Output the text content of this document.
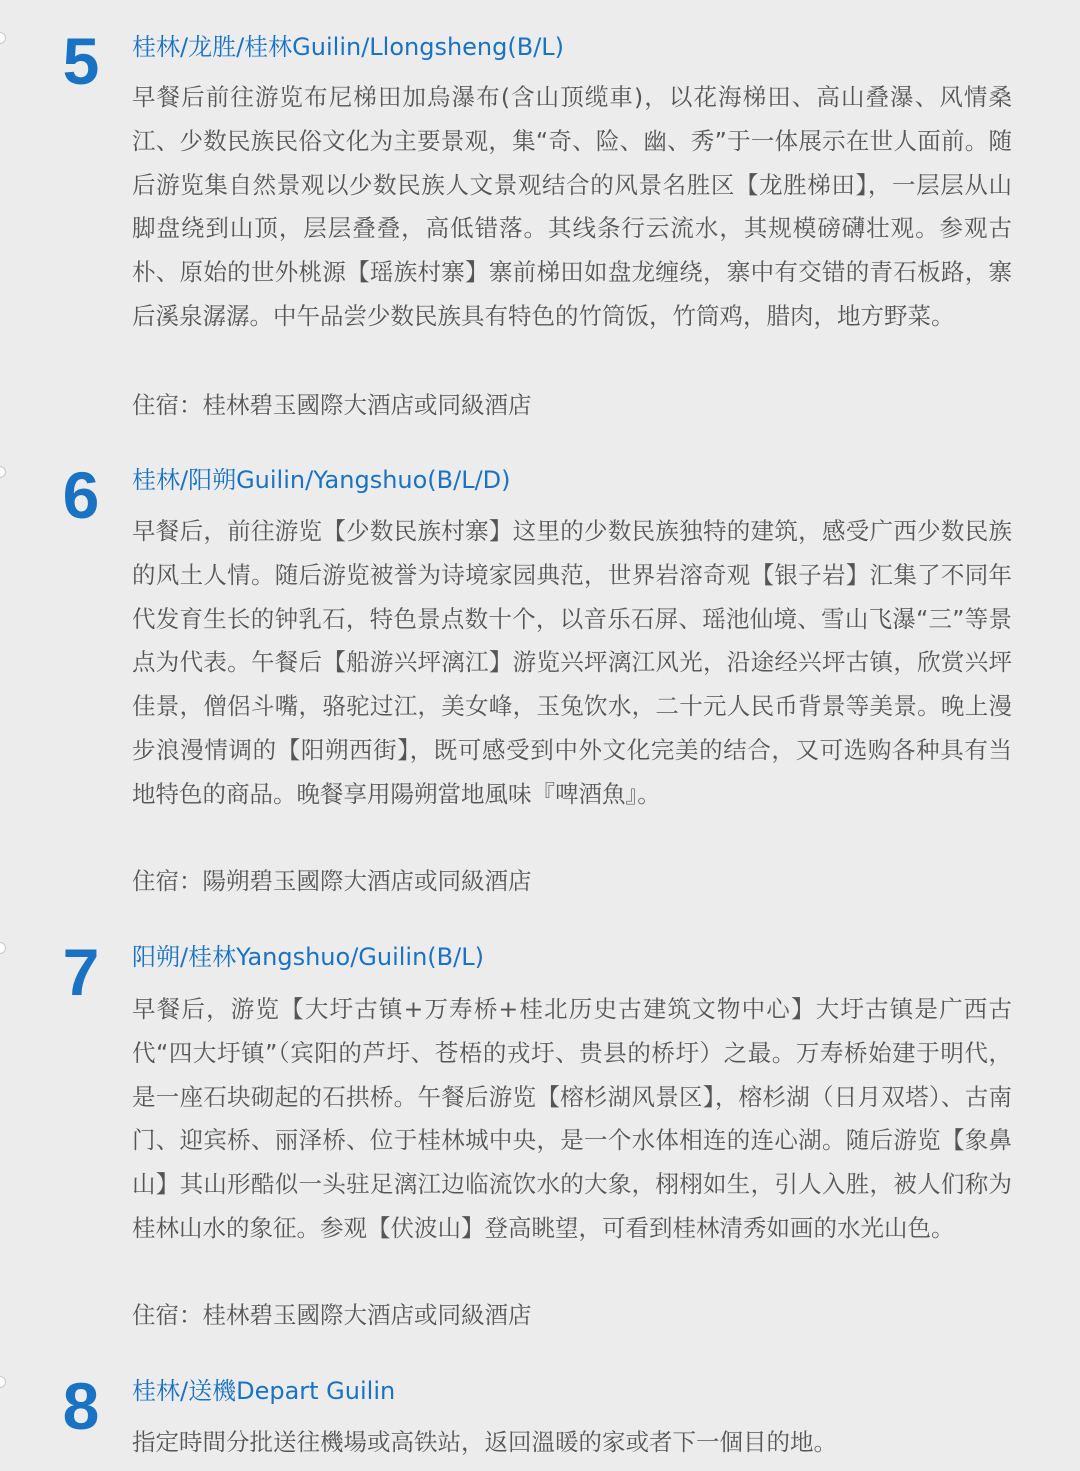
5 桂林/龙胜/桂林Guilin/Llongsheng(B/L)

早餐后前往游览布尼梯田加烏瀑布(含山顶缆車)，以花海梯田、高山叠瀑、风情桑江、少数民族民俗文化为主要景观，集“奇、险、幽、秀”于一体展示在世人面前。随后游览集自然景观以少数民族人文景观结合的风景名胜区【龙胜梯田】，一层层从山脚盘绕到山顶，层层叠叠，高低错落。其线条行云流水，其规模磅礴壮观。参观古朴、原始的世外桃源【瑶族村寨】寨前梯田如盘龙缠绕，寨中有交错的青石板路，寨后溪泉潺潺。中午品尝少数民族具有特色的竹筒饭，竹筒鸡，腊肉，地方野菜。

住宿：桂林碧玉國際大酒店或同級酒店
6 桂林/阳朔Guilin/Yangshuo(B/L/D)

早餐后，前往游览【少数民族村寨】这里的少数民族独特的建筑，感受广西少数民族的风土人情。随后游览被誉为诗境家园典范，世界岩溶奇观【银子岩】汇集了不同年代发育生长的钟乳石，特色景点数十个，以音乐石屏、瑶池仙境、雪山飞瀑“三”等景点为代表。午餐后【船游兴坪漓江】游览兴坪漓江风光，沿途经兴坪古镇，欣赏兴坪佳景，僧侶斗嘴，骆驼过江，美女峰，玉兔饮水，二十元人民币背景等美景。晚上漫步浪漫情调的【阳朔西街】，既可感受到中外文化完美的结合，又可选购各种具有当地特色的商品。晚餐享用陽朔當地風味『啤酒魚』。

住宿：陽朔碧玉國際大酒店或同級酒店
7 阳朔/桂林Yangshuo/Guilin(B/L)

早餐后，游览【大圩古镇+万寿桥+桂北历史古建筑文物中心】大圩古镇是广西古代“四大圩镇”（宾阳的芦圩、苍梧的戎圩、贵县的桥圩）之最。万寿桥始建于明代，是一座石块砌起的石拱桥。午餐后游览【榕杉湖风景区】，榕杉湖（日月双塔）、古南门、迎宾桥、丽泽桥、位于桂林城中央，是一个水体相连的连心湖。随后游览【象鼻山】其山形酷似一头驻足漓江边临流饮水的大象，栩栩如生，引人入胜，被人们称为桂林山水的象征。参观【伏波山】登高眺望，可看到桂林清秀如画的水光山色。

住宿：桂林碧玉國際大酒店或同級酒店
8 桂林/送機Depart Guilin

指定時間分批送往機場或高铁站，返回溫暖的家或者下一個目的地。
